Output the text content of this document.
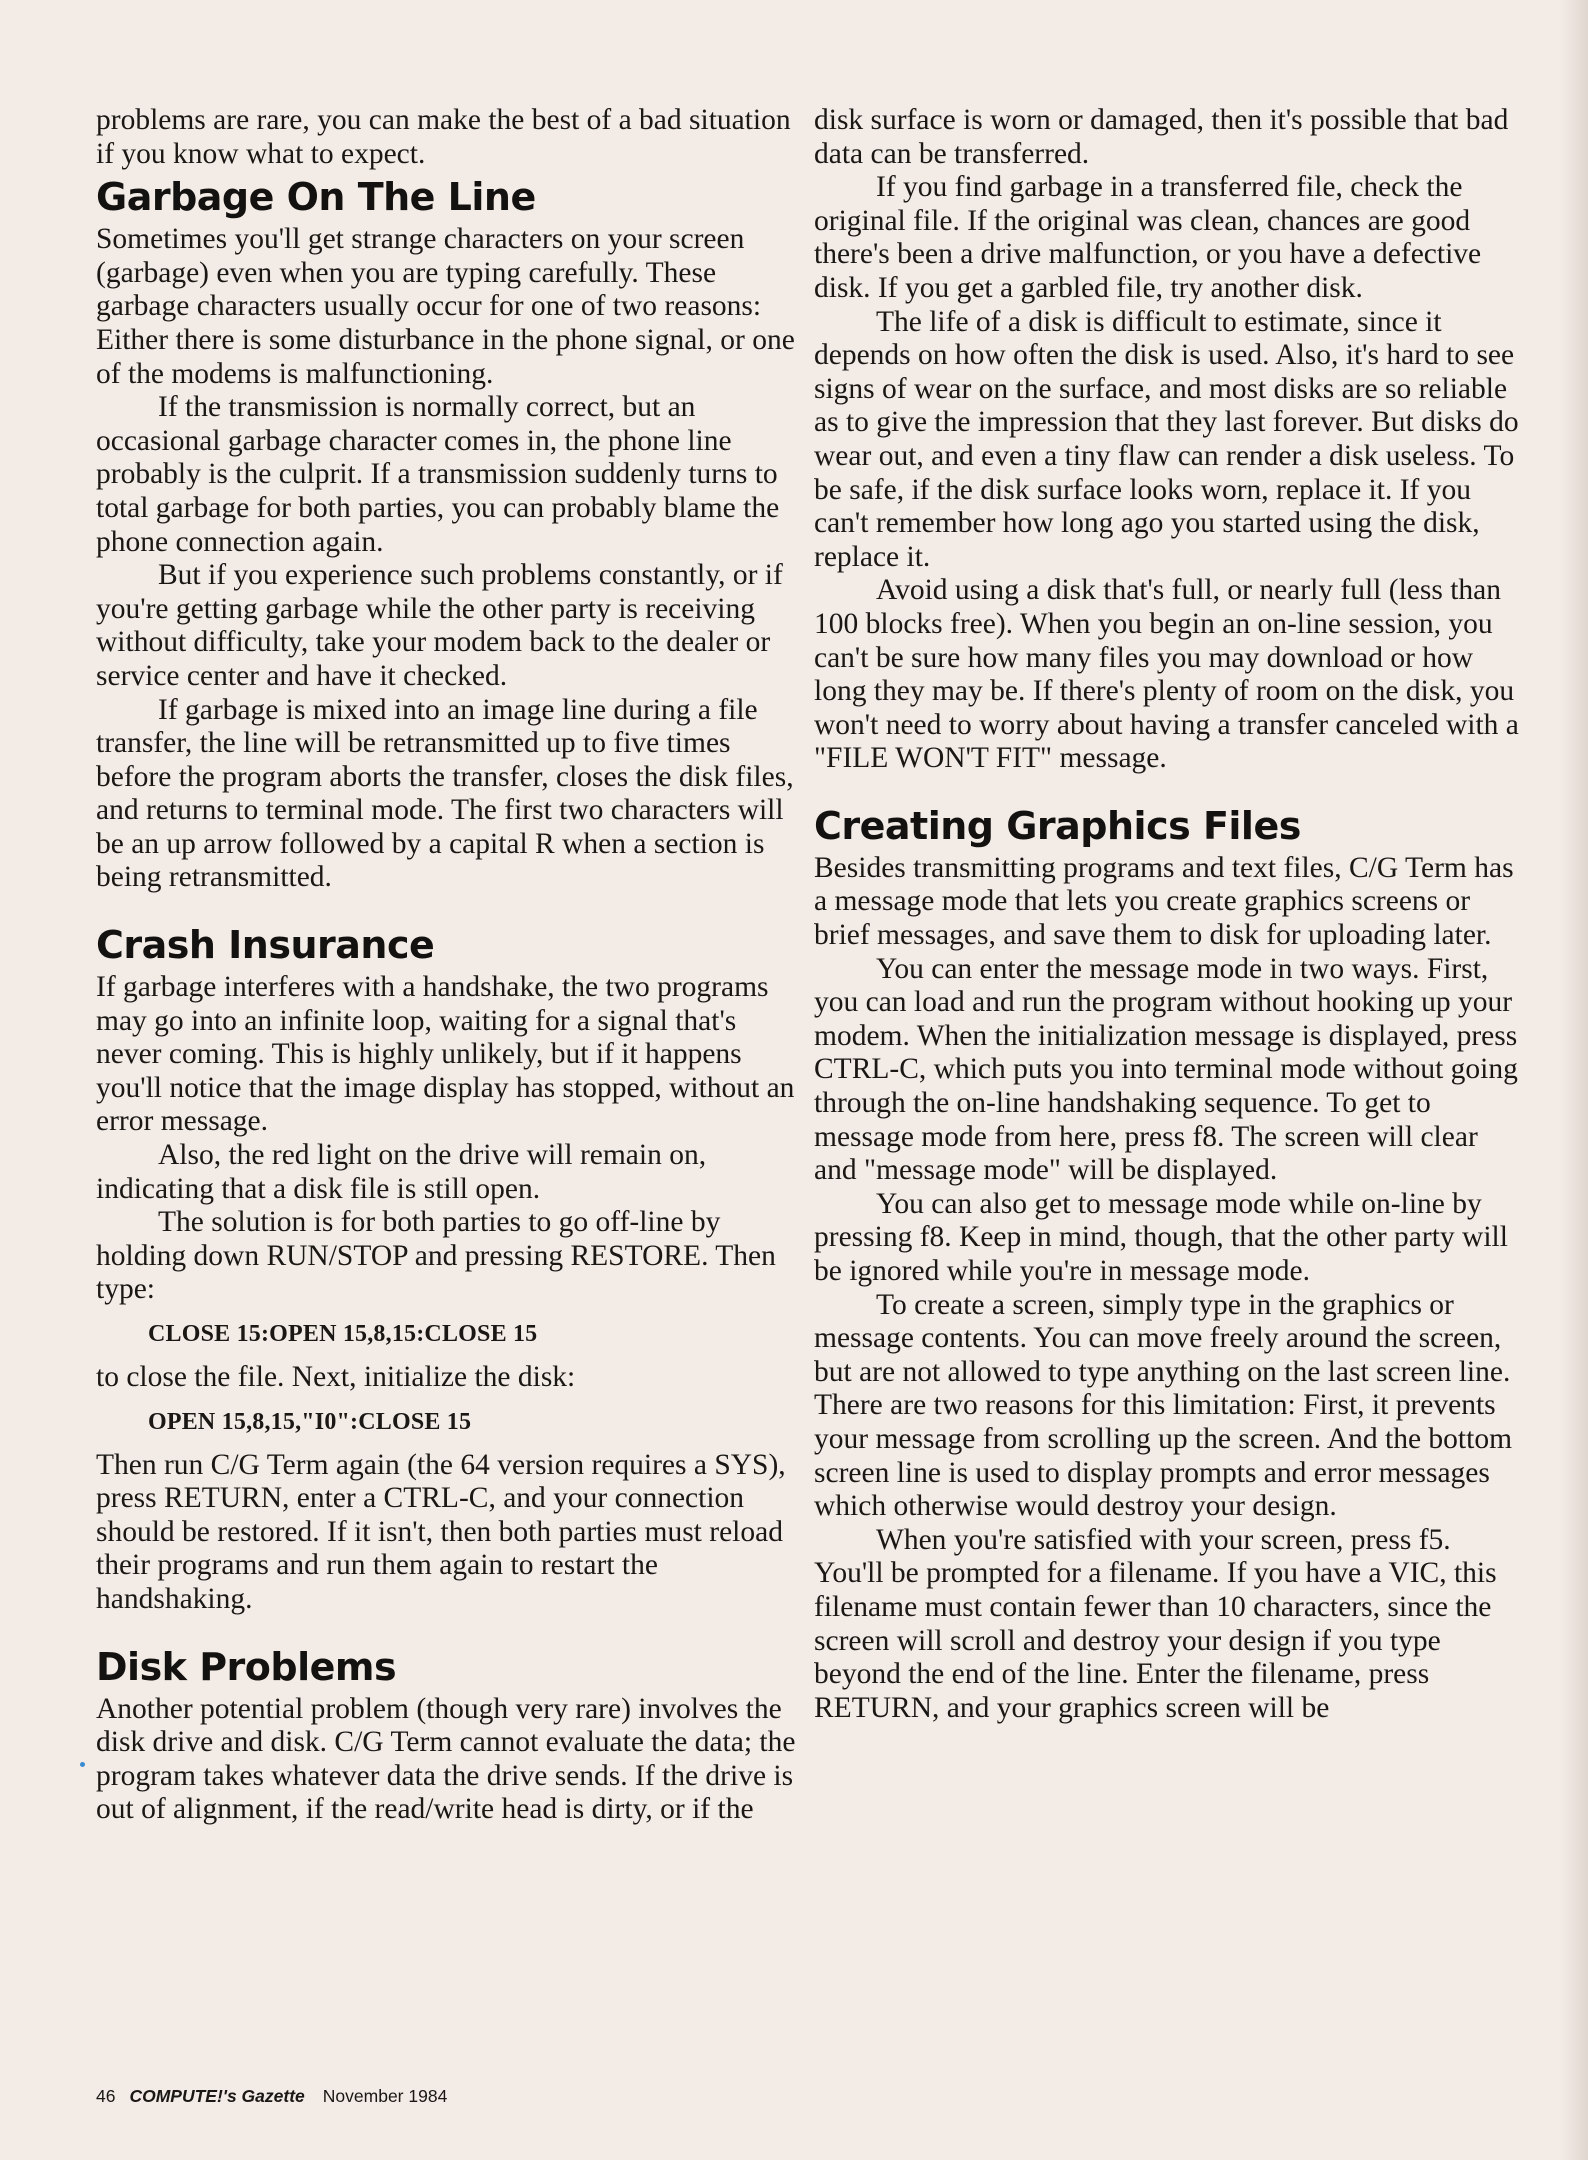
problems are rare, you can make the best of a bad situation if you know what to expect.

Garbage On The Line

Sometimes you'll get strange characters on your screen (garbage) even when you are typing carefully. These garbage characters usually occur for one of two reasons: Either there is some disturbance in the phone signal, or one of the modems is malfunctioning.

If the transmission is normally correct, but an occasional garbage character comes in, the phone line probably is the culprit. If a transmission suddenly turns to total garbage for both parties, you can probably blame the phone connection again.

But if you experience such problems constantly, or if you're getting garbage while the other party is receiving without difficulty, take your modem back to the dealer or service center and have it checked.

If garbage is mixed into an image line during a file transfer, the line will be retransmitted up to five times before the program aborts the transfer, closes the disk files, and returns to terminal mode. The first two characters will be an up arrow followed by a capital R when a section is being retransmitted.

Crash Insurance

If garbage interferes with a handshake, the two programs may go into an infinite loop, waiting for a signal that's never coming. This is highly unlikely, but if it happens you'll notice that the image display has stopped, without an error message.

Also, the red light on the drive will remain on, indicating that a disk file is still open.

The solution is for both parties to go off-line by holding down RUN/STOP and pressing RESTORE. Then type:

CLOSE 15:OPEN 15,8,15:CLOSE 15

to close the file. Next, initialize the disk:

OPEN 15,8,15,"I0":CLOSE 15

Then run C/G Term again (the 64 version requires a SYS), press RETURN, enter a CTRL-C, and your connection should be restored. If it isn't, then both parties must reload their programs and run them again to restart the handshaking.

Disk Problems

Another potential problem (though very rare) involves the disk drive and disk. C/G Term cannot evaluate the data; the program takes whatever data the drive sends. If the drive is out of alignment, if the read/write head is dirty, or if the

disk surface is worn or damaged, then it's possible that bad data can be transferred.

If you find garbage in a transferred file, check the original file. If the original was clean, chances are good there's been a drive malfunction, or you have a defective disk. If you get a garbled file, try another disk.

The life of a disk is difficult to estimate, since it depends on how often the disk is used. Also, it's hard to see signs of wear on the surface, and most disks are so reliable as to give the impression that they last forever. But disks do wear out, and even a tiny flaw can render a disk useless. To be safe, if the disk surface looks worn, replace it. If you can't remember how long ago you started using the disk, replace it.

Avoid using a disk that's full, or nearly full (less than 100 blocks free). When you begin an on-line session, you can't be sure how many files you may download or how long they may be. If there's plenty of room on the disk, you won't need to worry about having a transfer canceled with a "FILE WON'T FIT" message.

Creating Graphics Files

Besides transmitting programs and text files, C/G Term has a message mode that lets you create graphics screens or brief messages, and save them to disk for uploading later.

You can enter the message mode in two ways. First, you can load and run the program without hooking up your modem. When the initialization message is displayed, press CTRL-C, which puts you into terminal mode without going through the on-line handshaking sequence. To get to message mode from here, press f8. The screen will clear and "message mode" will be displayed.

You can also get to message mode while on-line by pressing f8. Keep in mind, though, that the other party will be ignored while you're in message mode.

To create a screen, simply type in the graphics or message contents. You can move freely around the screen, but are not allowed to type anything on the last screen line. There are two reasons for this limitation: First, it prevents your message from scrolling up the screen. And the bottom screen line is used to display prompts and error messages which otherwise would destroy your design.

When you're satisfied with your screen, press f5. You'll be prompted for a filename. If you have a VIC, this filename must contain fewer than 10 characters, since the screen will scroll and destroy your design if you type beyond the end of the line. Enter the filename, press RETURN, and your graphics screen will be

46 COMPUTE!'s Gazette November 1984
